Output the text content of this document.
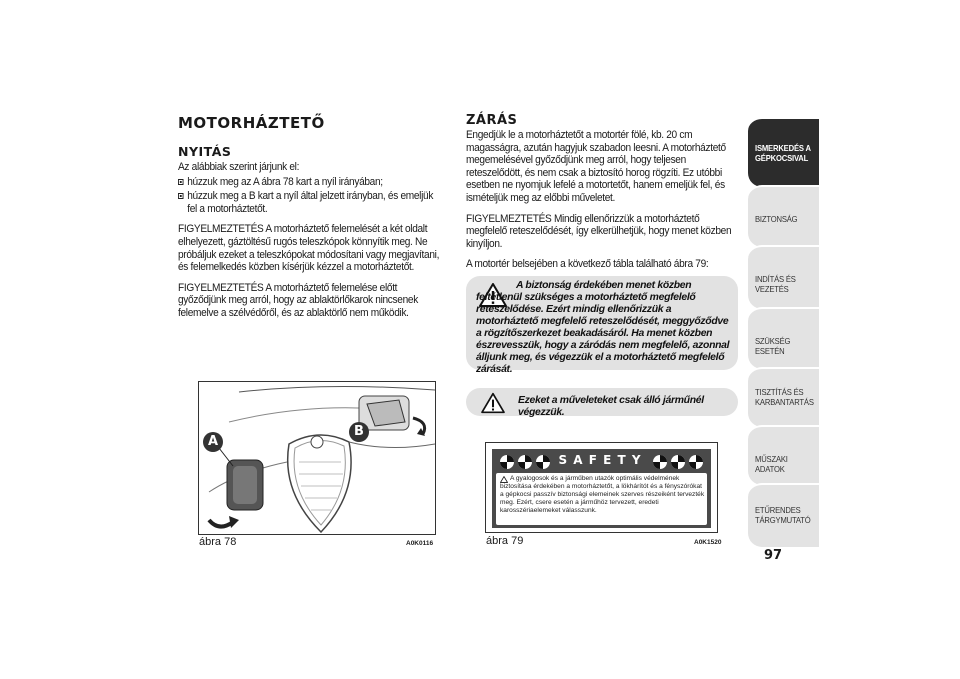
MOTORHÁZTETŐ
NYITÁS

Az alábbiak szerint járjunk el:

húzzuk meg az A ábra 78 kart a nyíl irányában;
húzzuk meg a B kart a nyíl által jelzett irányban, és emeljük fel a motorháztetőt.

FIGYELMEZTETÉS A motorháztető felemelését a két oldalt elhelyezett, gáztöltésű rugós teleszkópok könnyítik meg. Ne próbáljuk ezeket a teleszkópokat módosítani vagy megjavítani, és felemelkedés közben kísérjük kézzel a motorháztetőt.

FIGYELMEZTETÉS A motorháztető felemelése előtt győződjünk meg arról, hogy az ablaktörlőkarok nincsenek felemelve a szélvédőről, és az ablaktörlő nem működik.

A
B
ábra 78	A0K0116
ZÁRÁS

Engedjük le a motorháztetőt a motortér fölé, kb. 20 cm magasságra, azután hagyjuk szabadon leesni. A motorháztető megemelésével győződjünk meg arról, hogy teljesen reteszelődött, és nem csak a biztosító horog rögzíti. Ez utóbbi esetben ne nyomjuk lefelé a motortetőt, hanem emeljük fel, és ismételjük meg az előbbi műveletet.

FIGYELMEZTETÉS Mindig ellenőrizzük a motorháztető megfelelő reteszelődését, így elkerülhetjük, hogy menet közben kinyíljon.

A motortér belsejében a következő tábla található ábra 79:

A biztonság érdekében menet közben feltétlenül szükséges a motorháztető megfelelő reteszelődése. Ezért mindig ellenőrizzük a motorháztető megfelelő reteszelődését, meggyőződve a rögzítőszerkezet beakadásáról. Ha menet közben észrevesszük, hogy a záródás nem megfelelő, azonnal álljunk meg, és végezzük el a motorháztető megfelelő zárását.
Ezeket a műveleteket csak álló járműnél végezzük.
S A F E T Y
A gyalogosok és a járműben utazók optimális védelmének biztosítása érdekében a motorháztetőt, a lökhárítót és a fényszórókat a gépkocsi passzív biztonsági elemeinek szerves részeiként tervezték meg. Ezért, csere esetén a járműhöz tervezett, eredeti karosszériaelemeket válasszunk.
ábra 79	A0K1520
ISMERKEDÉS A GÉPKOCSIVAL
BIZTONSÁG
INDÍTÁS ÉS VEZETÉS
SZÜKSÉG ESETÉN
TISZTÍTÁS ÉS KARBANTARTÁS
MŰSZAKI ADATOK
ETŰRENDES TÁRGYMUTATÓ
97
